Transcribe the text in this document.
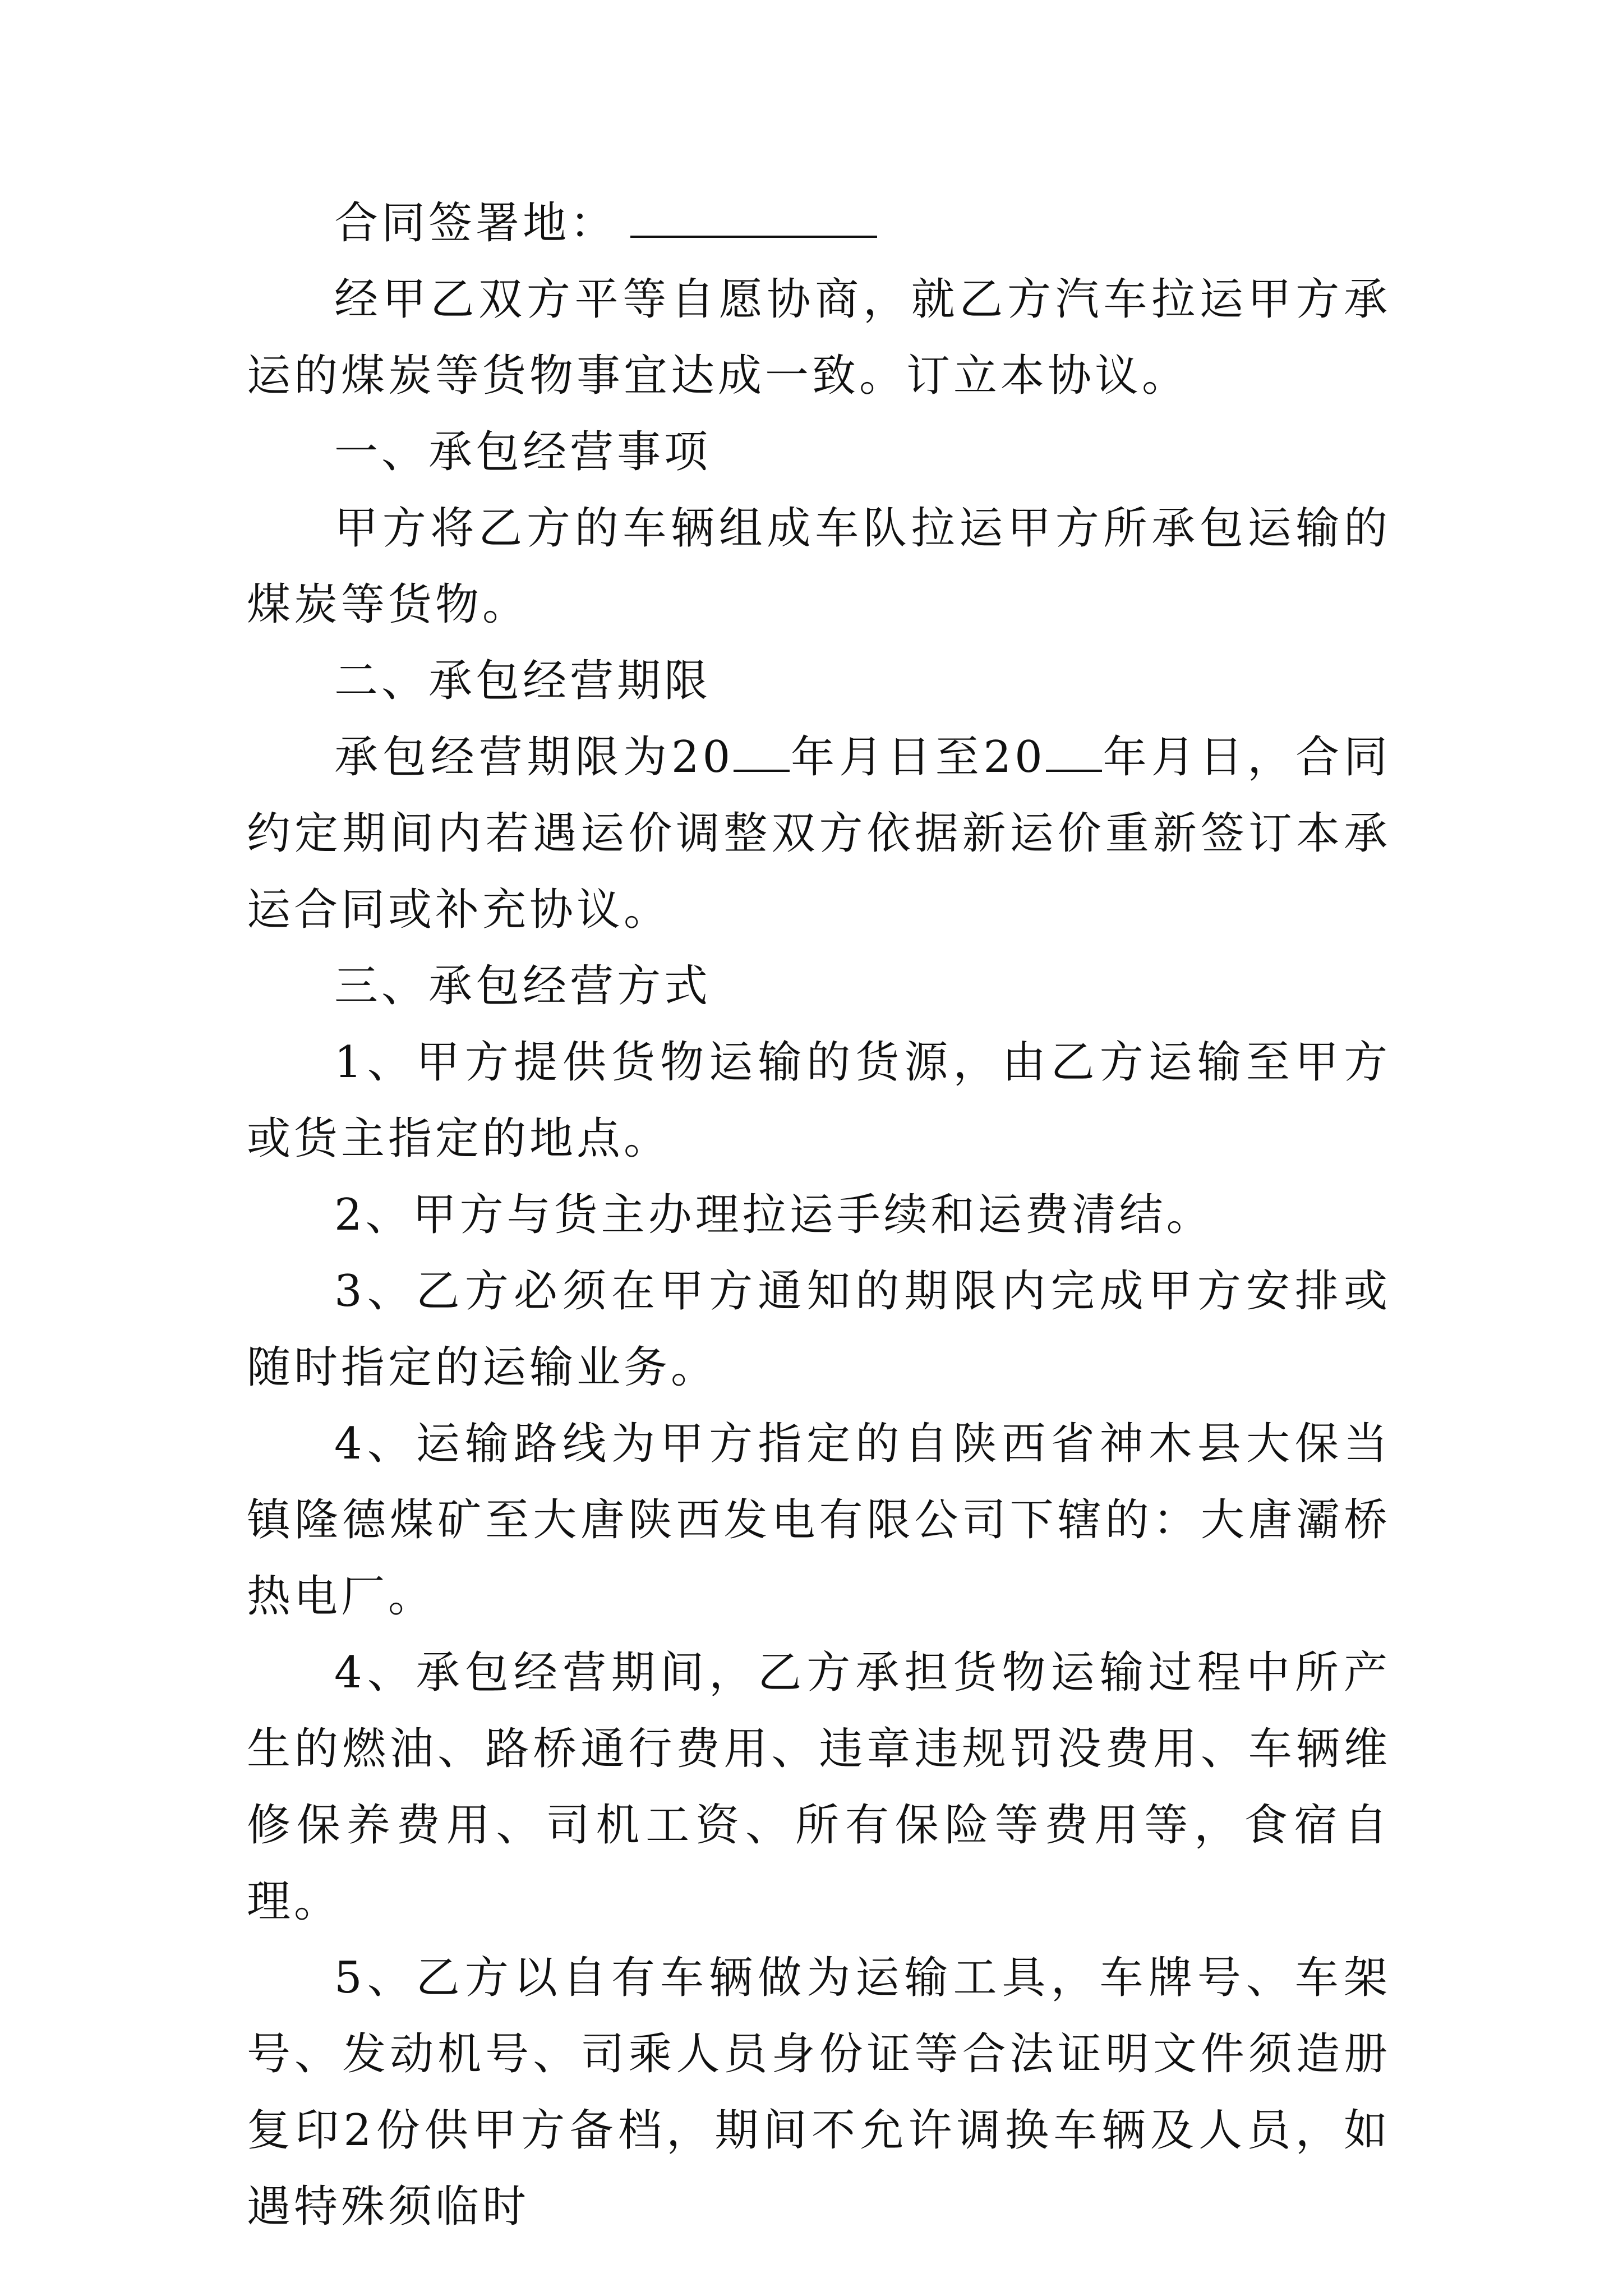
合同签署地：

经甲乙双方平等自愿协商，就乙方汽车拉运甲方承运的煤炭等货物事宜达成一致。订立本协议。

一、承包经营事项

甲方将乙方的车辆组成车队拉运甲方所承包运输的煤炭等货物。

二、承包经营期限

承包经营期限为20 年月日至20 年月日，合同约定期间内若遇运价调整双方依据新运价重新签订本承运合同或补充协议。

三、承包经营方式

1、甲方提供货物运输的货源，由乙方运输至甲方或货主指定的地点。

2、甲方与货主办理拉运手续和运费清结。

3、乙方必须在甲方通知的期限内完成甲方安排或随时指定的运输业务。

4、运输路线为甲方指定的自陕西省神木县大保当镇隆德煤矿至大唐陕西发电有限公司下辖的：大唐灞桥热电厂。

4、承包经营期间，乙方承担货物运输过程中所产生的燃油、路桥通行费用、违章违规罚没费用、车辆维修保养费用、司机工资、所有保险等费用等，食宿自理。

5、乙方以自有车辆做为运输工具，车牌号、车架号、发动机号、司乘人员身份证等合法证明文件须造册复印2份供甲方备档，期间不允许调换车辆及人员，如遇特殊须临时
